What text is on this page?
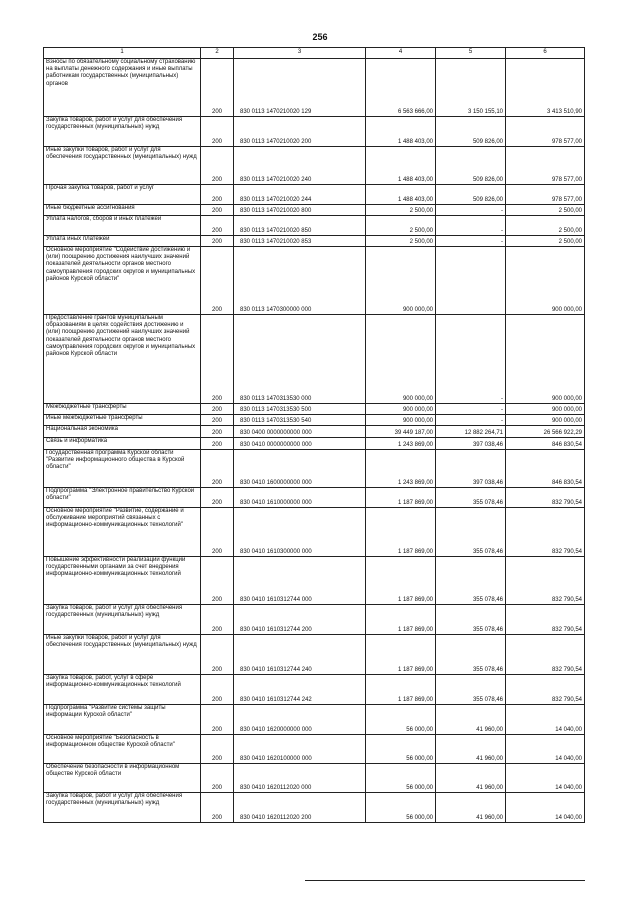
256
1	2	3	4	5	6
Взносы по обязательному социальному страхованию на выплаты денежного содержания и иные выплаты работникам государственных (муниципальных) органов	200	830 0113 1470210020 129	6 563 666,00	3 150 155,10	3 413 510,90
Закупка товаров, работ и услуг для обеспечения государственных (муниципальных) нужд	200	830 0113 1470210020 200	1 488 403,00	509 826,00	978 577,00
Иные закупки товаров, работ и услуг для обеспечения государственных (муниципальных) нужд	200	830 0113 1470210020 240	1 488 403,00	509 826,00	978 577,00
Прочая закупка товаров, работ и услуг	200	830 0113 1470210020 244	1 488 403,00	509 826,00	978 577,00
Иные бюджетные ассигнования	200	830 0113 1470210020 800	2 500,00	-	2 500,00
Уплата налогов, сборов и иных платежей	200	830 0113 1470210020 850	2 500,00	-	2 500,00
Уплата иных платежей	200	830 0113 1470210020 853	2 500,00	-	2 500,00
Основное мероприятие "Содействие достижению и (или) поощрению достижения наилучших значений показателей деятельности органов местного самоуправления городских округов и муниципальных районов Курской области"	200	830 0113 1470300000 000	900 000,00		900 000,00
Предоставление грантов муниципальным образованиям в целях содействия достижению и (или) поощрению достижений наилучших значений показателей деятельности органов местного самоуправления городских округов и муниципальных районов Курской области	200	830 0113 1470313530 000	900 000,00	-	900 000,00
Межбюджетные трансферты	200	830 0113 1470313530 500	900 000,00	-	900 000,00
Иные межбюджетные трансферты	200	830 0113 1470313530 540	900 000,00	-	900 000,00
Национальная экономика	200	830 0400 0000000000 000	39 449 187,00	12 882 264,71	26 566 922,29
Связь и информатика	200	830 0410 0000000000 000	1 243 869,00	397 038,46	846 830,54
Государственная программа Курской области "Развитие информационного общества в Курской области"	200	830 0410 1600000000 000	1 243 869,00	397 038,46	846 830,54
Подпрограмма "Электронное правительство Курской области"	200	830 0410 1610000000 000	1 187 869,00	355 078,46	832 790,54
Основное мероприятие "Развитие, содержание и обслуживание мероприятий связанных с информационно-коммуникационных технологий"	200	830 0410 1610300000 000	1 187 869,00	355 078,46	832 790,54
Повышение эффективности реализации функций государственными органами за счет внедрения информационно-коммуникационных технологий	200	830 0410 1610312744 000	1 187 869,00	355 078,46	832 790,54
Закупка товаров, работ и услуг для обеспечения государственных (муниципальных) нужд	200	830 0410 1610312744 200	1 187 869,00	355 078,46	832 790,54
Иные закупки товаров, работ и услуг для обеспечения государственных (муниципальных) нужд	200	830 0410 1610312744 240	1 187 869,00	355 078,46	832 790,54
Закупка товаров, работ, услуг в сфере информационно-коммуникационных технологий	200	830 0410 1610312744 242	1 187 869,00	355 078,46	832 790,54
Подпрограмма "Развитие системы защиты информации Курской области"	200	830 0410 1620000000 000	56 000,00	41 960,00	14 040,00
Основное мероприятие "Безопасность в информационном обществе Курской области"	200	830 0410 1620100000 000	56 000,00	41 960,00	14 040,00
Обеспечение безопасности в информационном обществе Курской области	200	830 0410 1620112020 000	56 000,00	41 960,00	14 040,00
Закупка товаров, работ и услуг для обеспечения государственных (муниципальных) нужд	200	830 0410 1620112020 200	56 000,00	41 960,00	14 040,00
